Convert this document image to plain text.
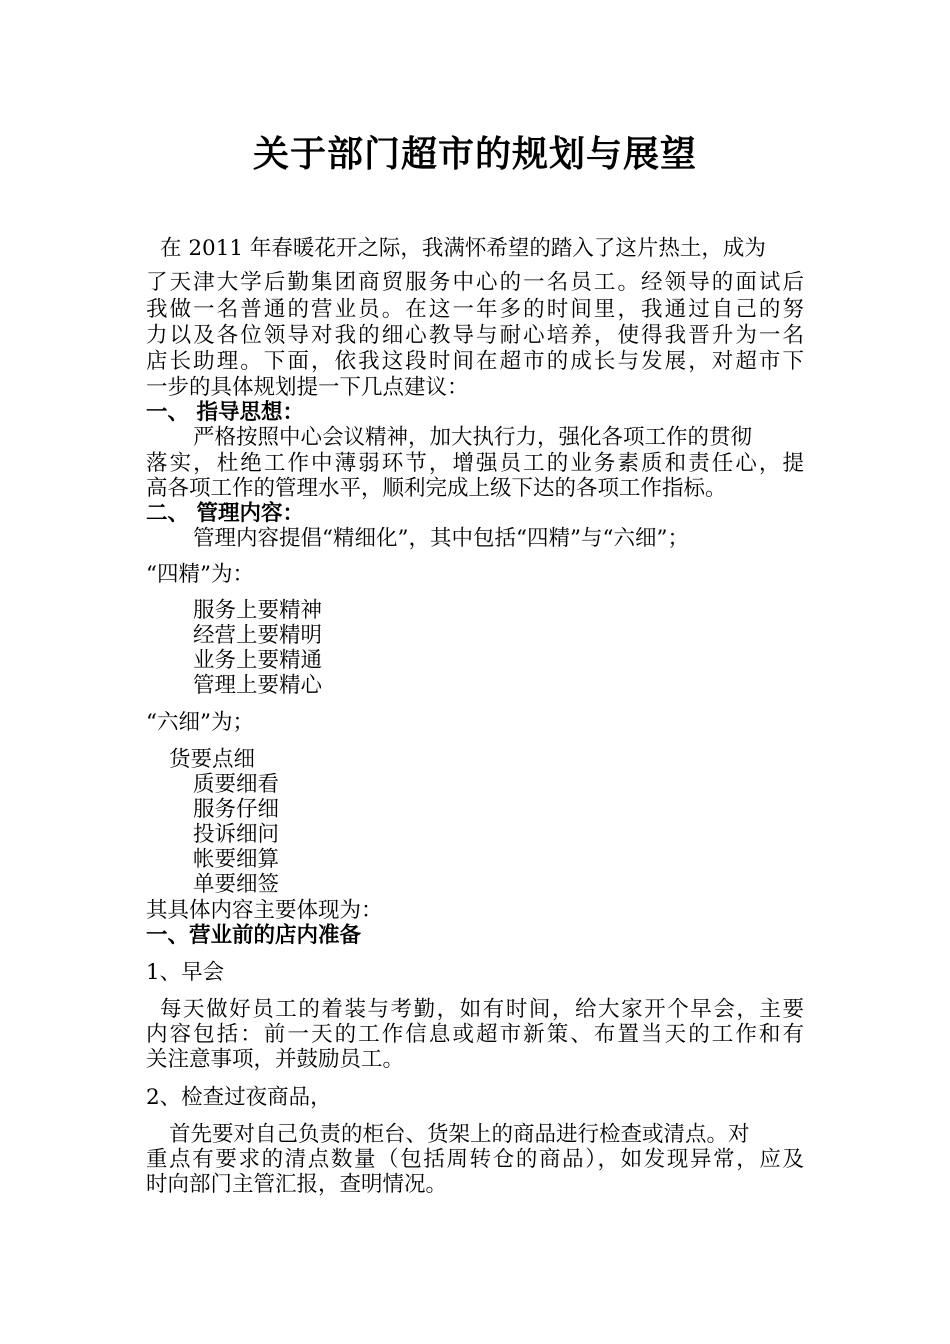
关于部门超市的规划与展望
在 2011 年春暖花开之际，我满怀希望的踏入了这片热土，成为
了天津大学后勤集团商贸服务中心的一名员工。经领导的面试后
我做一名普通的营业员。在这一年多的时间里，我通过自己的努
力以及各位领导对我的细心教导与耐心培养，使得我晋升为一名
店长助理。下面，依我这段时间在超市的成长与发展，对超市下
一步的具体规划提一下几点建议：
一、 指导思想：
严格按照中心会议精神，加大执行力，强化各项工作的贯彻
落实，杜绝工作中薄弱环节，增强员工的业务素质和责任心，提
高各项工作的管理水平，顺利完成上级下达的各项工作指标。
二、 管理内容：
管理内容提倡“精细化”，其中包括“四精”与“六细”；
“四精”为：
服务上要精神
经营上要精明
业务上要精通
管理上要精心
“六细”为；
货要点细
质要细看
服务仔细
投诉细问
帐要细算
单要细签
其具体内容主要体现为：
一、营业前的店内准备
1、早会
每天做好员工的着装与考勤，如有时间，给大家开个早会，主要
内容包括：前一天的工作信息或超市新策、布置当天的工作和有
关注意事项，并鼓励员工。
2、检查过夜商品，
首先要对自己负责的柜台、货架上的商品进行检查或清点。对
重点有要求的清点数量（包括周转仓的商品），如发现异常，应及
时向部门主管汇报，查明情况。
